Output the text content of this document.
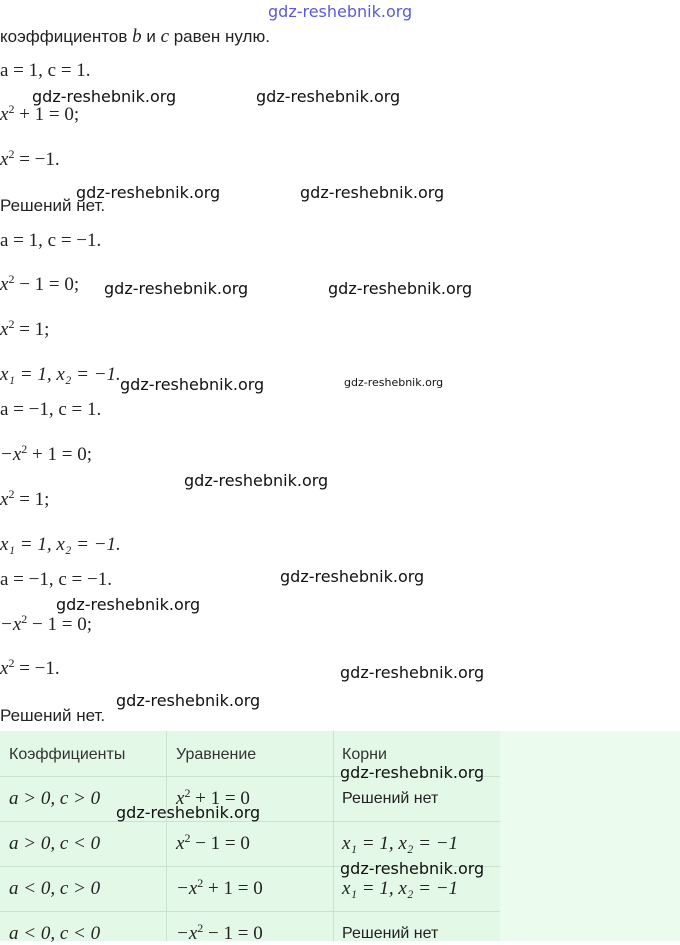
gdz-reshebnik.org
коэффициентов b и c равен нулю.
a = 1, c = 1.
$x^2 + 1 = 0$;
$x^2 = -1$.
Решений нет.
a = 1, c = −1.
$x^2 - 1 = 0$;
$x^2 = 1$;
x₁ = 1, x₂ = −1.
a = −1, c = 1.
$-x^2 + 1 = 0$;
$x^2 = 1$;
x₁ = 1, x₂ = −1.
a = −1, c = −1.
$-x^2 - 1 = 0$;
$x^2 = -1$.
Решений нет.
Коэффициенты	Уравнение	Корни
a > 0, c > 0	$x^2 + 1 = 0$	Решений нет
a > 0, c < 0	$x^2 - 1 = 0$	x₁ = 1, x₂ = −1
a < 0, c > 0	$-x^2 + 1 = 0$	x₁ = 1, x₂ = −1
a < 0, c < 0	$-x^2 - 1 = 0$	Решений нет
gdz-reshebnik.org	gdz-reshebnik.org
gdz-reshebnik.org	gdz-reshebnik.org
gdz-reshebnik.org	gdz-reshebnik.org
gdz-reshebnik.org	gdz-reshebnik.org
gdz-reshebnik.org
gdz-reshebnik.org
gdz-reshebnik.org
gdz-reshebnik.org
gdz-reshebnik.org
gdz-reshebnik.org
gdz-reshebnik.org
gdz-reshebnik.org
